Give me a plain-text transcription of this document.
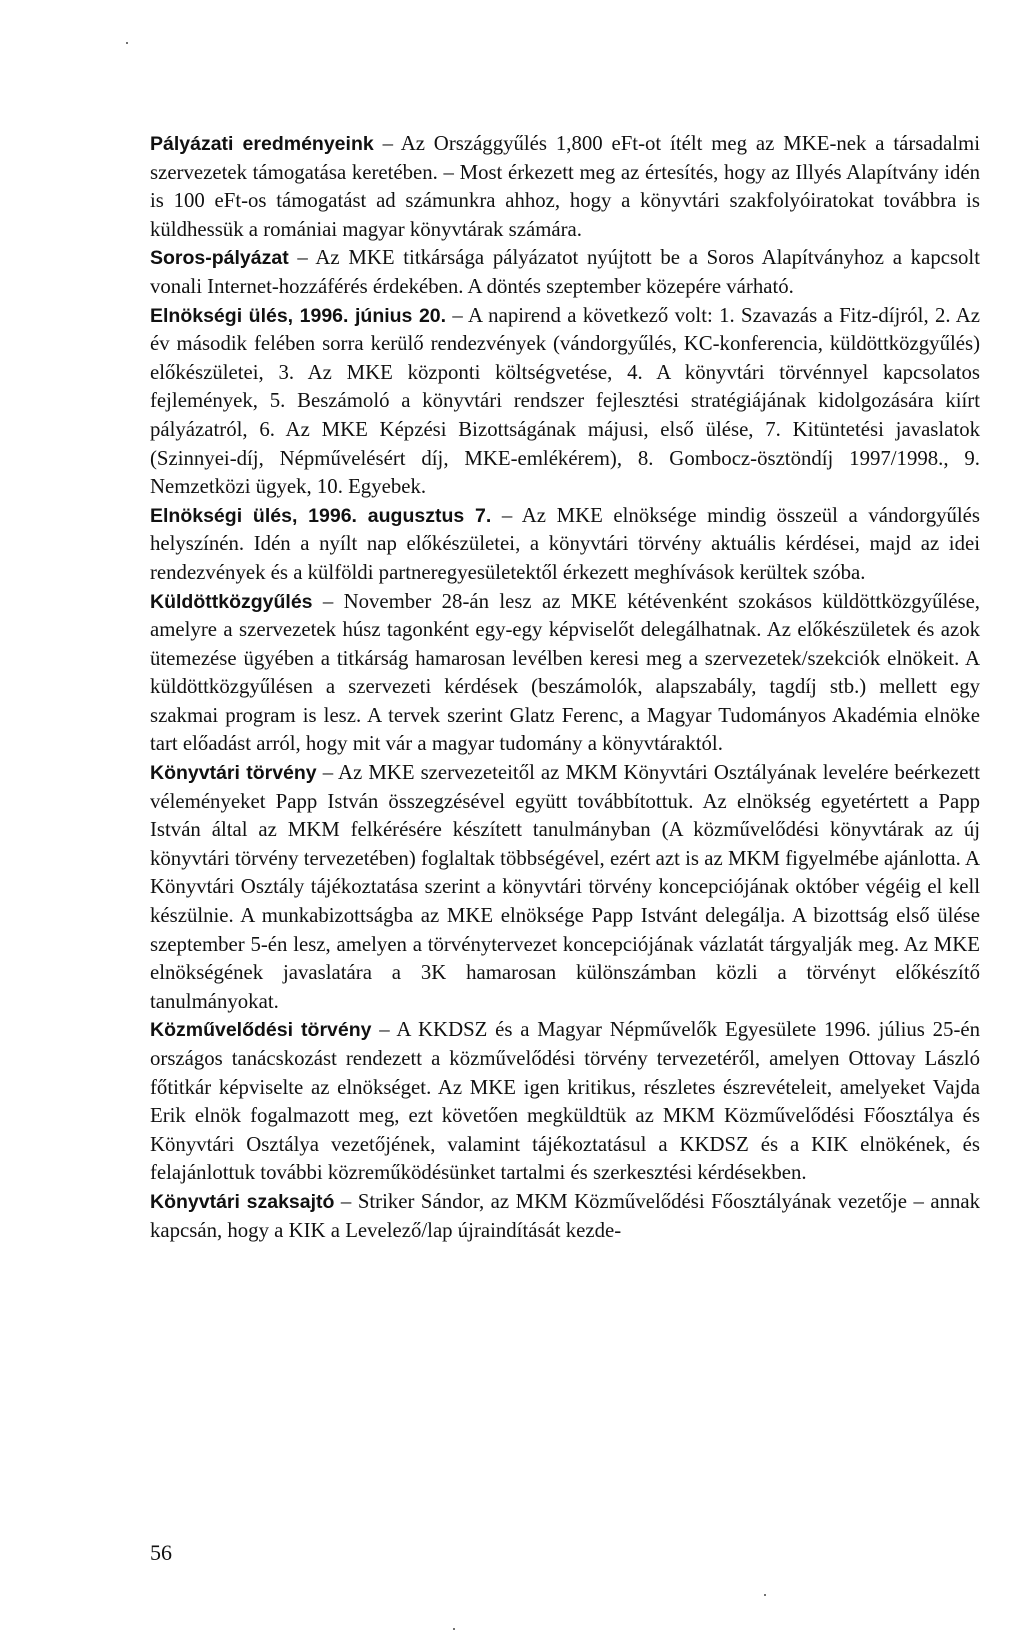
Pályázati eredményeink – Az Országgyűlés 1,800 eFt-ot ítélt meg az MKE-nek a társadalmi szervezetek támogatása keretében. – Most érkezett meg az értesítés, hogy az Illyés Alapítvány idén is 100 eFt-os támogatást ad számunkra ahhoz, hogy a könyvtári szakfolyóiratokat továbbra is küldhessük a romániai magyar könyvtárak számára.

Soros-pályázat – Az MKE titkársága pályázatot nyújtott be a Soros Alapítványhoz a kapcsolt vonali Internet-hozzáférés érdekében. A döntés szeptember közepére várható.

Elnökségi ülés, 1996. június 20. – A napirend a következő volt: 1. Szavazás a Fitz-díjról, 2. Az év második felében sorra kerülő rendezvények (vándorgyűlés, KC-konferencia, küldöttközgyűlés) előkészületei, 3. Az MKE központi költségvetése, 4. A könyvtári törvénnyel kapcsolatos fejlemények, 5. Beszámoló a könyvtári rendszer fejlesztési stratégiájának kidolgozására kiírt pályázatról, 6. Az MKE Képzési Bizottságának májusi, első ülése, 7. Kitüntetési javaslatok (Szinnyei-díj, Népművelésért díj, MKE-emlékérem), 8. Gombocz-ösztöndíj 1997/1998., 9. Nemzetközi ügyek, 10. Egyebek.

Elnökségi ülés, 1996. augusztus 7. – Az MKE elnöksége mindig összeül a vándorgyűlés helyszínén. Idén a nyílt nap előkészületei, a könyvtári törvény aktuális kérdései, majd az idei rendezvények és a külföldi partneregyesületektől érkezett meghívások kerültek szóba.

Küldöttközgyűlés – November 28-án lesz az MKE kétévenként szokásos küldöttközgyűlése, amelyre a szervezetek húsz tagonként egy-egy képviselőt delegálhatnak. Az előkészületek és azok ütemezése ügyében a titkárság hamarosan levélben keresi meg a szervezetek/szekciók elnökeit. A küldöttközgyűlésen a szervezeti kérdések (beszámolók, alapszabály, tagdíj stb.) mellett egy szakmai program is lesz. A tervek szerint Glatz Ferenc, a Magyar Tudományos Akadémia elnöke tart előadást arról, hogy mit vár a magyar tudomány a könyvtáraktól.

Könyvtári törvény – Az MKE szervezeteitől az MKM Könyvtári Osztályának levelére beérkezett véleményeket Papp István összegzésével együtt továbbítottuk. Az elnökség egyetértett a Papp István által az MKM felkérésére készített tanulmányban (A közművelődési könyvtárak az új könyvtári törvény tervezetében) foglaltak többségével, ezért azt is az MKM figyelmébe ajánlotta. A Könyvtári Osztály tájékoztatása szerint a könyvtári törvény koncepciójának október végéig el kell készülnie. A munkabizottságba az MKE elnöksége Papp Istvánt delegálja. A bizottság első ülése szeptember 5-én lesz, amelyen a törvénytervezet koncepciójának vázlatát tárgyalják meg. Az MKE elnökségének javaslatára a 3K hamarosan különszámban közli a törvényt előkészítő tanulmányokat.

Közművelődési törvény – A KKDSZ és a Magyar Népművelők Egyesülete 1996. július 25-én országos tanácskozást rendezett a közművelődési törvény tervezetéről, amelyen Ottovay László főtitkár képviselte az elnökséget. Az MKE igen kritikus, részletes észrevételeit, amelyeket Vajda Erik elnök fogalmazott meg, ezt követően megküldtük az MKM Közművelődési Főosztálya és Könyvtári Osztálya vezetőjének, valamint tájékoztatásul a KKDSZ és a KIK elnökének, és felajánlottuk további közreműködésünket tartalmi és szerkesztési kérdésekben.

Könyvtári szaksajtó – Striker Sándor, az MKM Közművelődési Főosztályának vezetője – annak kapcsán, hogy a KIK a Levelező/lap újraindítását kezde-

56
